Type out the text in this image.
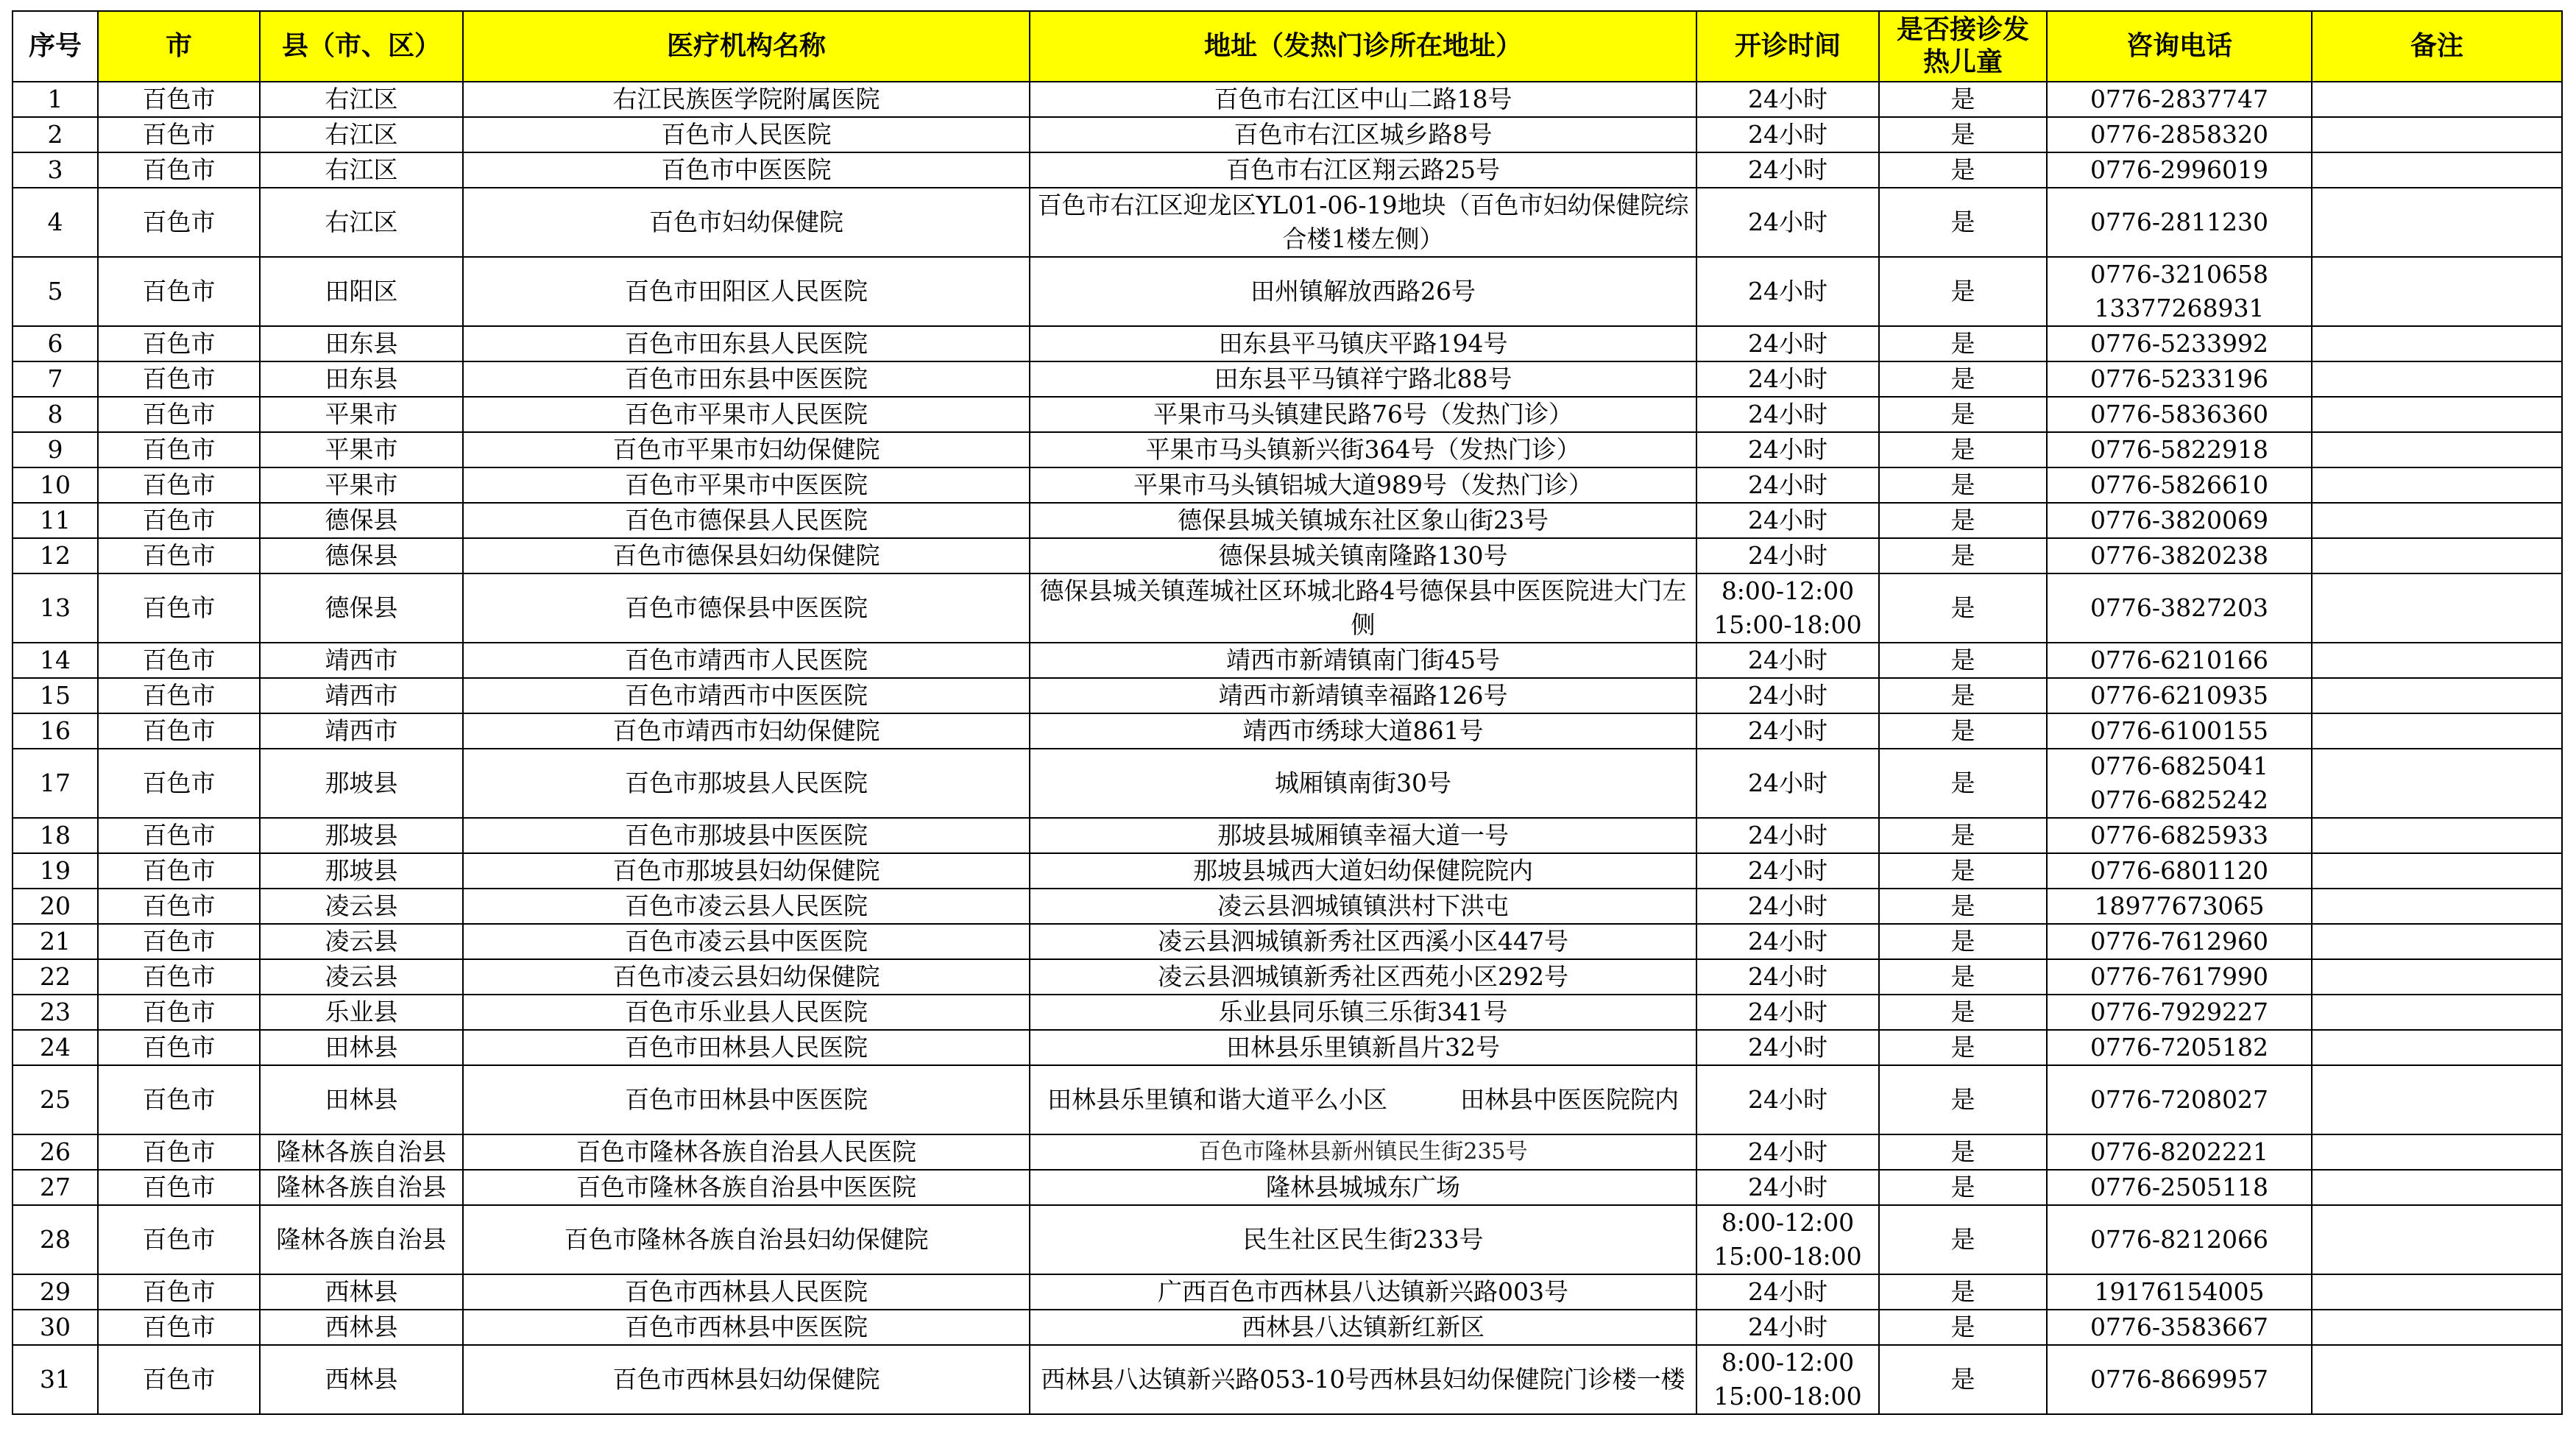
序号	市	县（市、区）	医疗机构名称	地址（发热门诊所在地址）	开诊时间	是否接诊发热儿童	咨询电话	备注
1	百色市	右江区	右江民族医学院附属医院	百色市右江区中山二路18号	24小时	是	0776-2837747	
2	百色市	右江区	百色市人民医院	百色市右江区城乡路8号	24小时	是	0776-2858320	
3	百色市	右江区	百色市中医医院	百色市右江区翔云路25号	24小时	是	0776-2996019	
4	百色市	右江区	百色市妇幼保健院	百色市右江区迎龙区YL01-06-19地块（百色市妇幼保健院综合楼1楼左侧）	24小时	是	0776-2811230	
5	百色市	田阳区	百色市田阳区人民医院	田州镇解放西路26号	24小时	是	0776-3210658
13377268931	
6	百色市	田东县	百色市田东县人民医院	田东县平马镇庆平路194号	24小时	是	0776-5233992	
7	百色市	田东县	百色市田东县中医医院	田东县平马镇祥宁路北88号	24小时	是	0776-5233196	
8	百色市	平果市	百色市平果市人民医院	平果市马头镇建民路76号（发热门诊）	24小时	是	0776-5836360	
9	百色市	平果市	百色市平果市妇幼保健院	平果市马头镇新兴街364号（发热门诊）	24小时	是	0776-5822918	
10	百色市	平果市	百色市平果市中医医院	平果市马头镇铝城大道989号（发热门诊）	24小时	是	0776-5826610	
11	百色市	德保县	百色市德保县人民医院	德保县城关镇城东社区象山街23号	24小时	是	0776-3820069	
12	百色市	德保县	百色市德保县妇幼保健院	德保县城关镇南隆路130号	24小时	是	0776-3820238	
13	百色市	德保县	百色市德保县中医医院	德保县城关镇莲城社区环城北路4号德保县中医医院进大门左侧	8:00-12:00
15:00-18:00	是	0776-3827203	
14	百色市	靖西市	百色市靖西市人民医院	靖西市新靖镇南门街45号	24小时	是	0776-6210166	
15	百色市	靖西市	百色市靖西市中医医院	靖西市新靖镇幸福路126号	24小时	是	0776-6210935	
16	百色市	靖西市	百色市靖西市妇幼保健院	靖西市绣球大道861号	24小时	是	0776-6100155	
17	百色市	那坡县	百色市那坡县人民医院	城厢镇南街30号	24小时	是	0776-6825041
0776-6825242	
18	百色市	那坡县	百色市那坡县中医医院	那坡县城厢镇幸福大道一号	24小时	是	0776-6825933	
19	百色市	那坡县	百色市那坡县妇幼保健院	那坡县城西大道妇幼保健院院内	24小时	是	0776-6801120	
20	百色市	凌云县	百色市凌云县人民医院	凌云县泗城镇镇洪村下洪屯	24小时	是	18977673065	
21	百色市	凌云县	百色市凌云县中医医院	凌云县泗城镇新秀社区西溪小区447号	24小时	是	0776-7612960	
22	百色市	凌云县	百色市凌云县妇幼保健院	凌云县泗城镇新秀社区西苑小区292号	24小时	是	0776-7617990	
23	百色市	乐业县	百色市乐业县人民医院	乐业县同乐镇三乐街341号	24小时	是	0776-7929227	
24	百色市	田林县	百色市田林县人民医院	田林县乐里镇新昌片32号	24小时	是	0776-7205182	
25	百色市	田林县	百色市田林县中医医院	田林县乐里镇和谐大道平么小区　　　田林县中医医院院内	24小时	是	0776-7208027	
26	百色市	隆林各族自治县	百色市隆林各族自治县人民医院	百色市隆林县新州镇民生街235号	24小时	是	0776-8202221	
27	百色市	隆林各族自治县	百色市隆林各族自治县中医医院	隆林县城城东广场	24小时	是	0776-2505118	
28	百色市	隆林各族自治县	百色市隆林各族自治县妇幼保健院	民生社区民生街233号	8:00-12:00
15:00-18:00	是	0776-8212066	
29	百色市	西林县	百色市西林县人民医院	广西百色市西林县八达镇新兴路003号	24小时	是	19176154005	
30	百色市	西林县	百色市西林县中医医院	西林县八达镇新红新区	24小时	是	0776-3583667	
31	百色市	西林县	百色市西林县妇幼保健院	西林县八达镇新兴路053-10号西林县妇幼保健院门诊楼一楼	8:00-12:00
15:00-18:00	是	0776-8669957	
